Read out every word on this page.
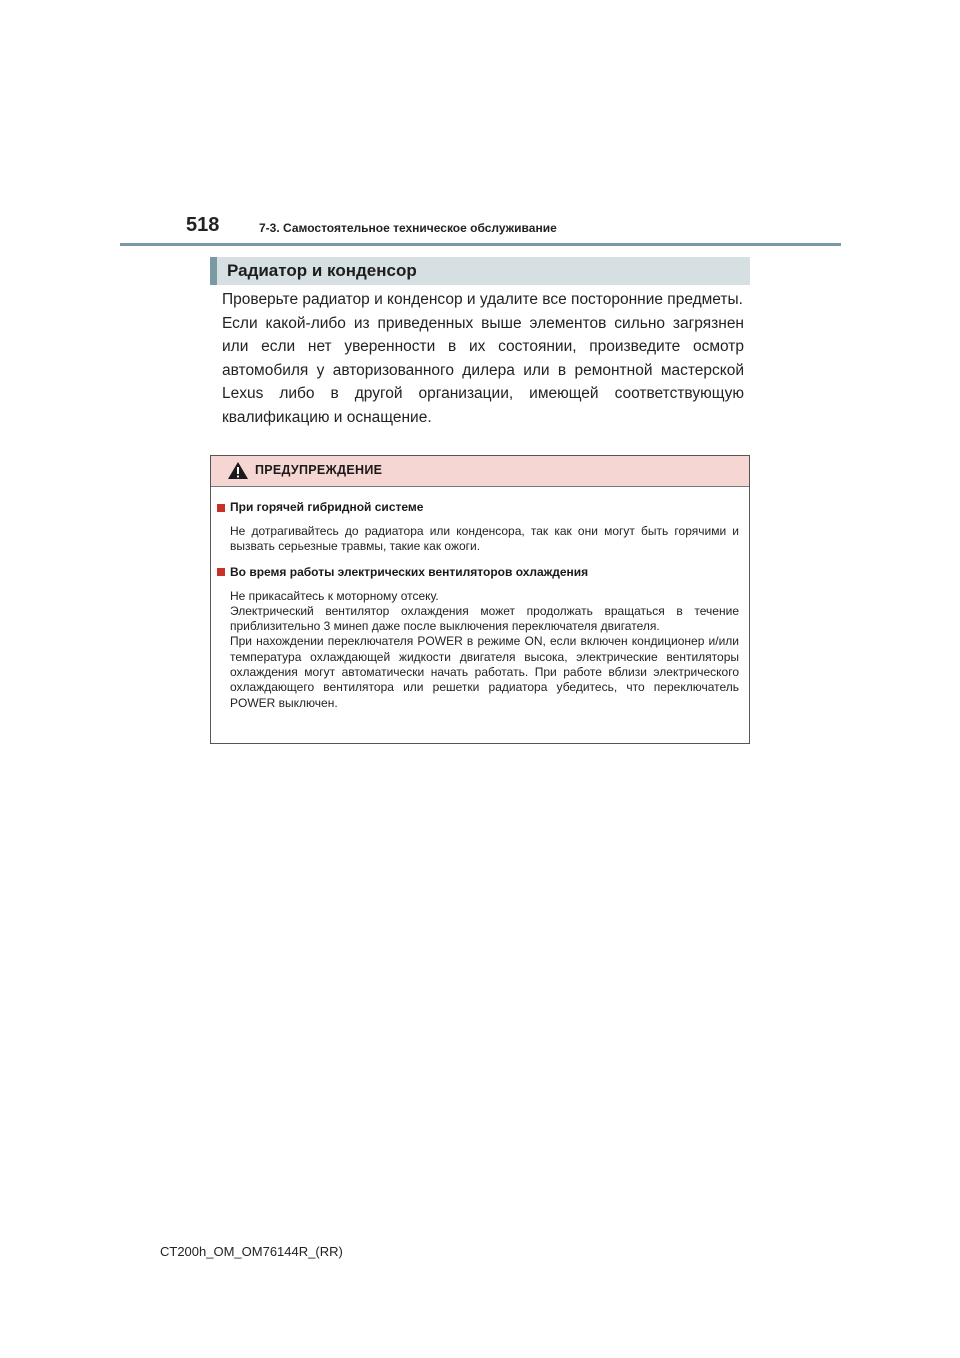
518	7-3. Самостоятельное техническое обслуживание
Радиатор и конденсор

Проверьте радиатор и конденсор и удалите все посторонние предметы.

Если какой-либо из приведенных выше элементов сильно загрязнен или если нет уверенности в их состоянии, произведите осмотр автомобиля у авторизованного дилера или в ремонтной мастерской Lexus либо в другой организации, имеющей соответствующую квалификацию и оснащение.

ПРЕДУПРЕЖДЕНИЕ
При горячей гибридной системе

Не дотрагивайтесь до радиатора или конденсора, так как они могут быть горячими и вызвать серьезные травмы, такие как ожоги.

Во время работы электрических вентиляторов охлаждения

Не прикасайтесь к моторному отсеку.

Электрический вентилятор охлаждения может продолжать вращаться в течение приблизительно 3 минеп даже после выключения переключателя двигателя.

При нахождении переключателя POWER в режиме ON, если включен кондиционер и/или температура охлаждающей жидкости двигателя высока, электрические вентиляторы охлаждения могут автоматически начать работать. При работе вблизи электрического охлаждающего вентилятора или решетки радиатора убедитесь, что переключатель POWER выключен.

CT200h_OM_OM76144R_(RR)
